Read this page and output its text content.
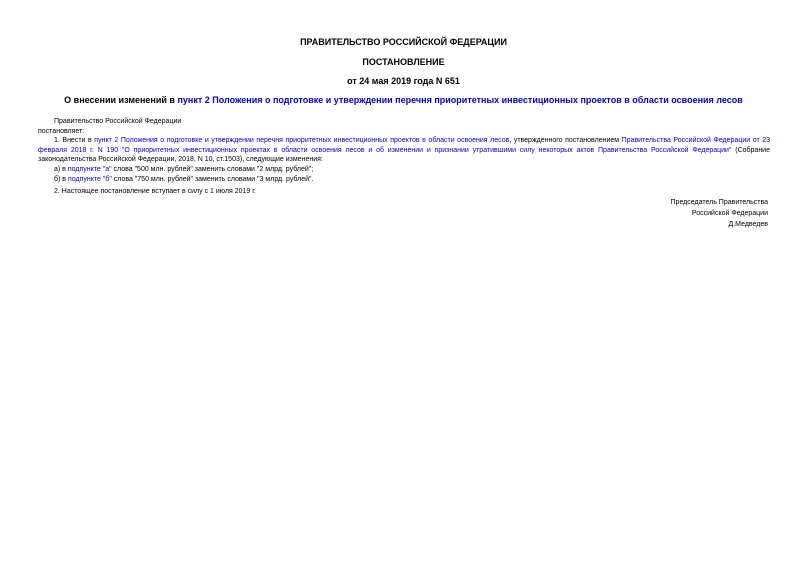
ПРАВИТЕЛЬСТВО РОССИЙСКОЙ ФЕДЕРАЦИИ
ПОСТАНОВЛЕНИЕ
от 24 мая 2019 года N 651
О внесении изменений в пункт 2 Положения о подготовке и утверждении перечня приоритетных инвестиционных проектов в области освоения лесов
Правительство Российской Федерации
постановляет:
1. Внести в пункт 2 Положения о подготовке и утверждении перечня приоритетных инвестиционных проектов в области освоения лесов, утвержденного постановлением Правительства Российской Федерации от 23 февраля 2018 г. N 190 "О приоритетных инвестиционных проектах в области освоения лесов и об изменении и признании утратившими силу некоторых актов Правительства Российской Федерации" (Собрание законодательства Российской Федерации, 2018, N 10, ст.1503), следующие изменения:
а) в подпункте "а" слова "500 млн. рублей" заменить словами "2 млрд. рублей";
б) в подпункте "б" слова "750 млн. рублей" заменить словами "3 млрд. рублей".
2. Настоящее постановление вступает в силу с 1 июля 2019 г.
Председатель Правительства
Российской Федерации
Д.Медведев
